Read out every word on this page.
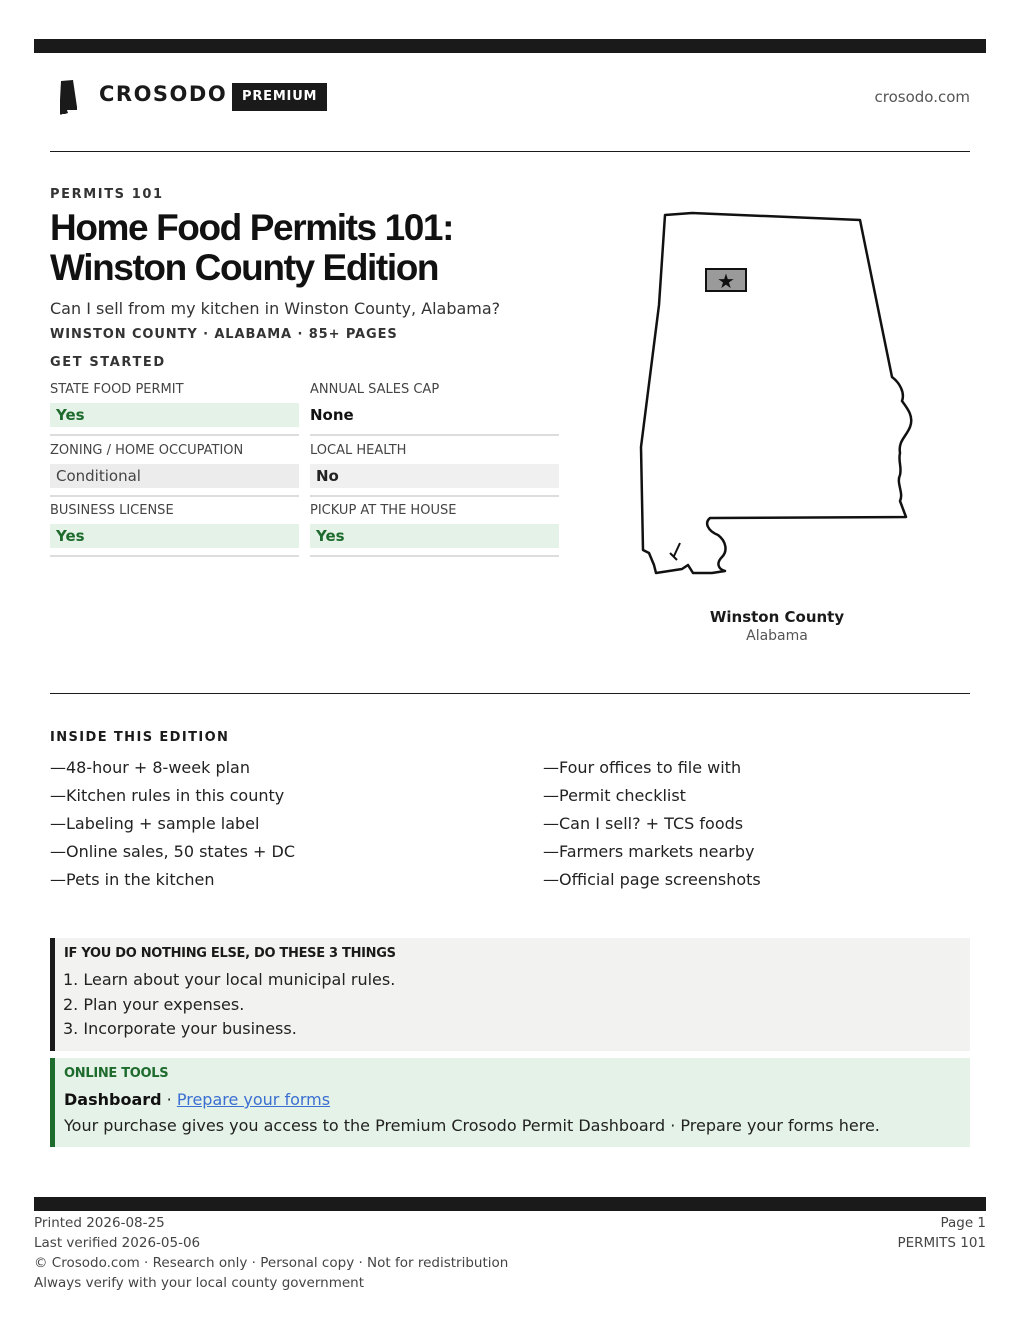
CROSODO	PREMIUM	crosodo.com
PERMITS 101
Home Food Permits 101: Winston County Edition
Can I sell from my kitchen in Winston County, Alabama?
WINSTON COUNTY · ALABAMA · 85+ PAGES
GET STARTED
STATE FOOD PERMIT
Yes
ANNUAL SALES CAP
None
ZONING / HOME OCCUPATION
Conditional
LOCAL HEALTH
No
BUSINESS LICENSE
Yes
PICKUP AT THE HOUSE
Yes
★
Winston County
Alabama
INSIDE THIS EDITION
—48-hour + 8-week plan
—Kitchen rules in this county
—Labeling + sample label
—Online sales, 50 states + DC
—Pets in the kitchen
—Four offices to file with
—Permit checklist
—Can I sell? + TCS foods
—Farmers markets nearby
—Official page screenshots
IF YOU DO NOTHING ELSE, DO THESE 3 THINGS
1. Learn about your local municipal rules.
2. Plan your expenses.
3. Incorporate your business.
ONLINE TOOLS
Dashboard · Prepare your forms
Your purchase gives you access to the Premium Crosodo Permit Dashboard · Prepare your forms here.
Printed 2026-08-25
Last verified 2026-05-06
© Crosodo.com · Research only · Personal copy · Not for redistribution
Always verify with your local county government
Page 1
PERMITS 101
